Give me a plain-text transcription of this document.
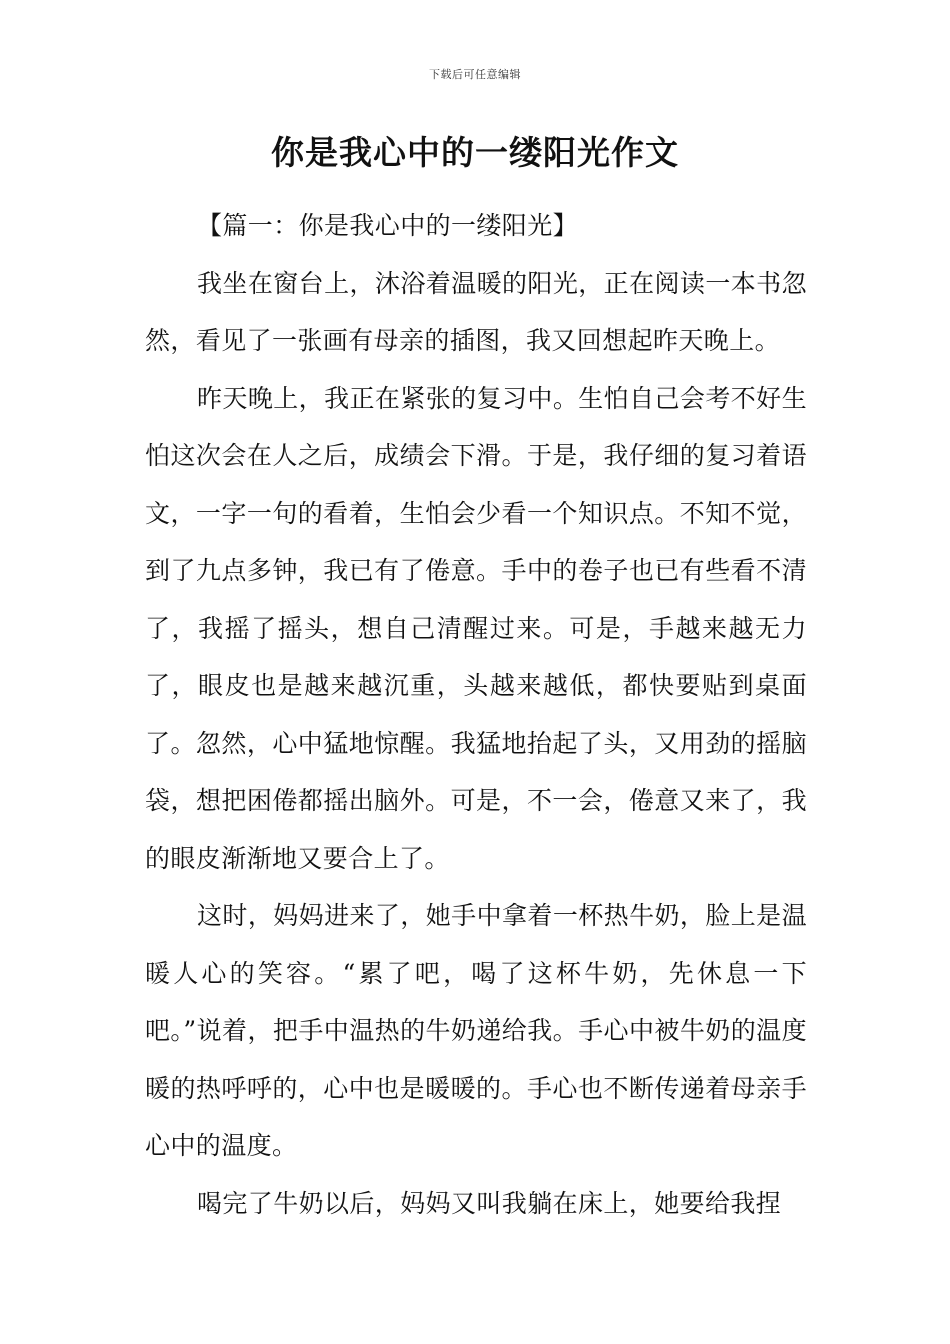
下载后可任意编辑
你是我心中的一缕阳光作文

【篇一：你是我心中的一缕阳光】

我坐在窗台上，沐浴着温暖的阳光，正在阅读一本书忽然，看见了一张画有母亲的插图，我又回想起昨天晚上。

昨天晚上，我正在紧张的复习中。生怕自己会考不好生怕这次会在人之后，成绩会下滑。于是，我仔细的复习着语文，一字一句的看着，生怕会少看一个知识点。不知不觉，到了九点多钟，我已有了倦意。手中的卷子也已有些看不清了，我摇了摇头，想自己清醒过来。可是，手越来越无力了，眼皮也是越来越沉重，头越来越低，都快要贴到桌面了。忽然，心中猛地惊醒。我猛地抬起了头，又用劲的摇脑袋，想把困倦都摇出脑外。可是，不一会，倦意又来了，我的眼皮渐渐地又要合上了。

这时，妈妈进来了，她手中拿着一杯热牛奶，脸上是温暖人心的笑容。“累了吧，喝了这杯牛奶，先休息一下吧。”说着，把手中温热的牛奶递给我。手心中被牛奶的温度暖的热呼呼的，心中也是暖暖的。手心也不断传递着母亲手心中的温度。

喝完了牛奶以后，妈妈又叫我躺在床上，她要给我捏
